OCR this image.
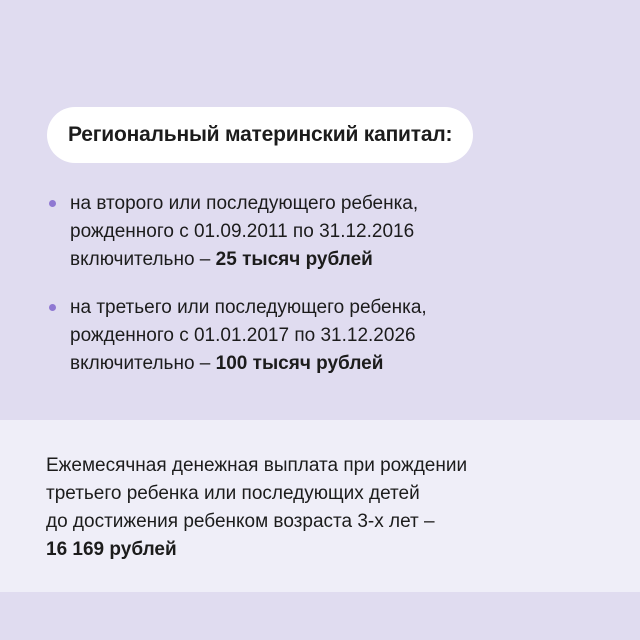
Региональный материнский капитал:
на второго или последующего ребенка,
рожденного с 01.09.2011 по 31.12.2016
включительно – 25 тысяч рублей
на третьего или последующего ребенка,
рожденного с 01.01.2017 по 31.12.2026
включительно – 100 тысяч рублей
Ежемесячная денежная выплата при рождении
третьего ребенка или последующих детей
до достижения ребенком возраста 3-х лет –
16 169 рублей
